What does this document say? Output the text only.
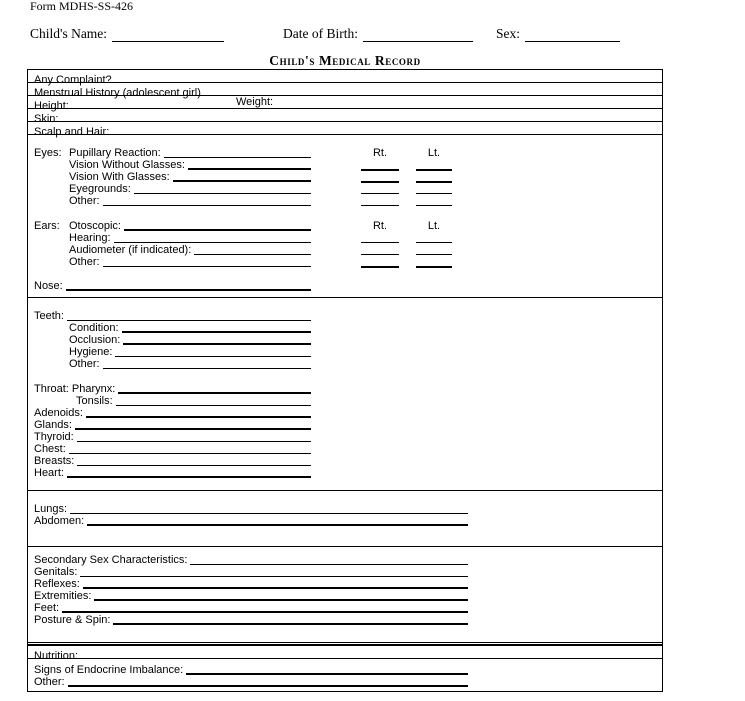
Form MDHS-SS-426
Child's Name:	Date of Birth:	Sex:
Child's Medical Record
Any Complaint?
Menstrual History (adolescent girl)
Height:	Weight:
Skin:
Scalp and Hair:
Eyes: Pupillary Reaction:	Rt.	Lt.
Vision Without Glasses:
Vision With Glasses:
Eyegrounds:
Other:
Ears: Otoscopic:	Rt.	Lt.
Hearing:
Audiometer (if indicated):
Other:
Nose:
Teeth:
Condition:
Occlusion:
Hygiene:
Other:
Throat: Pharynx:
Tonsils:
Adenoids:
Glands:
Thyroid:
Chest:
Breasts:
Heart:
Lungs:
Abdomen:
Secondary Sex Characteristics:
Genitals:
Reflexes:
Extremities:
Feet:
Posture & Spin:
Nutrition:
Signs of Endocrine Imbalance:
Other:
